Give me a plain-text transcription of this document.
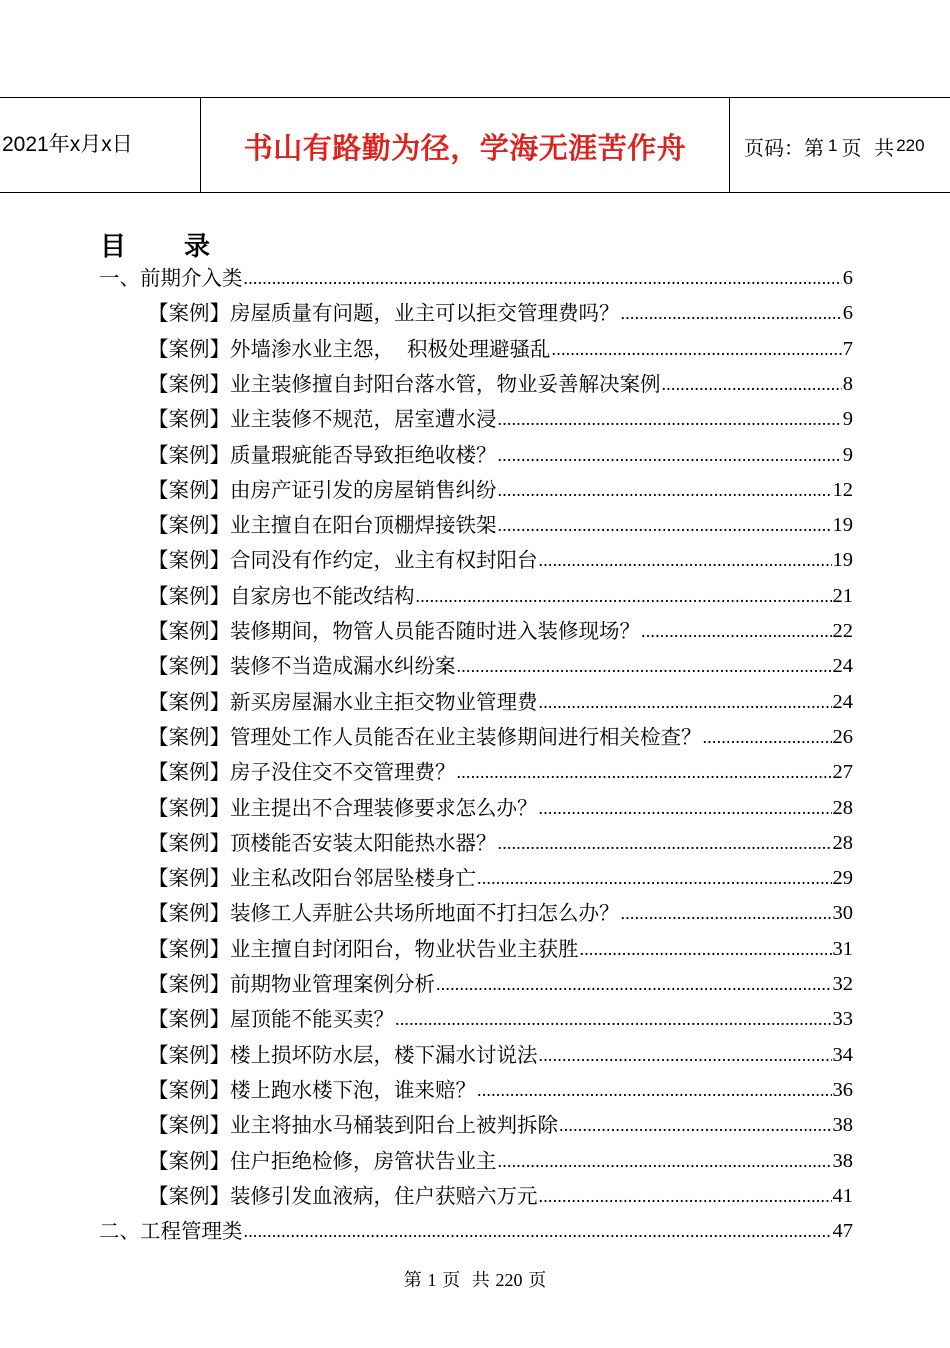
2021年x月x日	书山有路勤为径，学海无涯苦作舟	页码：第 1 页  共 220
目 录
一、前期介入类 .....	6
【案例】房屋质量有问题，业主可以拒交管理费吗？ .....	6
【案例】外墙渗水业主怨，  积极处理避骚乱 .....	7
【案例】业主装修擅自封阳台落水管，物业妥善解决案例 .....	8
【案例】业主装修不规范，居室遭水浸 .....	9
【案例】质量瑕疵能否导致拒绝收楼？ .....	9
【案例】由房产证引发的房屋销售纠纷 .....	12
【案例】业主擅自在阳台顶棚焊接铁架 .....	19
【案例】合同没有作约定，业主有权封阳台 .....	19
【案例】自家房也不能改结构 .....	21
【案例】装修期间，物管人员能否随时进入装修现场？ .....	22
【案例】装修不当造成漏水纠纷案 .....	24
【案例】新买房屋漏水业主拒交物业管理费 .....	24
【案例】管理处工作人员能否在业主装修期间进行相关检查？ .....	26
【案例】房子没住交不交管理费？ .....	27
【案例】业主提出不合理装修要求怎么办？ .....	28
【案例】顶楼能否安装太阳能热水器？ .....	28
【案例】业主私改阳台邻居坠楼身亡 .....	29
【案例】装修工人弄脏公共场所地面不打扫怎么办？ .....	30
【案例】业主擅自封闭阳台，物业状告业主获胜 .....	31
【案例】前期物业管理案例分析 .....	32
【案例】屋顶能不能买卖？ .....	33
【案例】楼上损坏防水层，楼下漏水讨说法 .....	34
【案例】楼上跑水楼下泡，谁来赔？ .....	36
【案例】业主将抽水马桶装到阳台上被判拆除 .....	38
【案例】住户拒绝检修，房管状告业主 .....	38
【案例】装修引发血液病，住户获赔六万元 .....	41
二、工程管理类 .....	47
第 1 页  共 220 页
